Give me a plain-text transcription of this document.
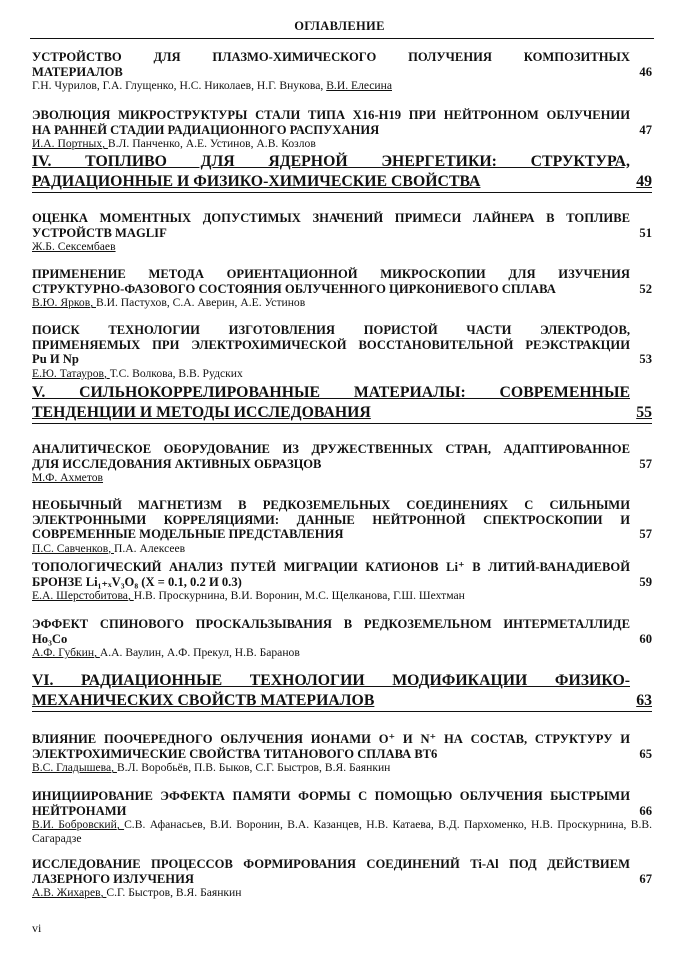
ОГЛАВЛЕНИЕ
УСТРОЙСТВО ДЛЯ ПЛАЗМО-ХИМИЧЕСКОГО ПОЛУЧЕНИЯ КОМПОЗИТНЫХ
МАТЕРИАЛОВ	46
Г.Н. Чурилов , Г.А. Глущенко , Н.С. Николаев , Н.Г. Внукова , В.И. Елесина
ЭВОЛЮЦИЯ МИКРОСТРУКТУРЫ СТАЛИ ТИПА Х16-Н19 ПРИ НЕЙТРОННОМ ОБЛУЧЕНИИ
НА РАННЕЙ СТАДИИ РАДИАЦИОННОГО РАСПУХАНИЯ	47
И.А. Портных , В.Л. Панченко , А.Е. Устинов , А.В. Козлов
IV. ТОПЛИВО ДЛЯ ЯДЕРНОЙ ЭНЕРГЕТИКИ: СТРУКТУРА,
РАДИАЦИОННЫЕ И ФИЗИКО-ХИМИЧЕСКИЕ СВОЙСТВА	49
ОЦЕНКА МОМЕНТНЫХ ДОПУСТИМЫХ ЗНАЧЕНИЙ ПРИМЕСИ ЛАЙНЕРА В ТОПЛИВЕ
УСТРОЙСТВ MAGLIF	51
Ж.Б. Сексембаев
ПРИМЕНЕНИЕ МЕТОДА ОРИЕНТАЦИОННОЙ МИКРОСКОПИИ ДЛЯ ИЗУЧЕНИЯ
СТРУКТУРНО-ФАЗОВОГО СОСТОЯНИЯ ОБЛУЧЕННОГО ЦИРКОНИЕВОГО СПЛАВА	52
В.Ю. Ярков , В.И. Пастухов , С.А. Аверин , А.Е. Устинов
ПОИСК ТЕХНОЛОГИИ ИЗГОТОВЛЕНИЯ ПОРИСТОЙ ЧАСТИ ЭЛЕКТРОДОВ,
ПРИМЕНЯЕМЫХ ПРИ ЭЛЕКТРОХИМИЧЕСКОЙ ВОССТАНОВИТЕЛЬНОЙ РЕЭКСТРАКЦИИ
Pu И Np	53
Е.Ю. Татауров , Т.С. Волкова , В.В. Рудских
V. СИЛЬНОКОРРЕЛИРОВАННЫЕ МАТЕРИАЛЫ: СОВРЕМЕННЫЕ
ТЕНДЕНЦИИ И МЕТОДЫ ИССЛЕДОВАНИЯ	55
АНАЛИТИЧЕСКОЕ ОБОРУДОВАНИЕ ИЗ ДРУЖЕСТВЕННЫХ СТРАН, АДАПТИРОВАННОЕ
ДЛЯ ИССЛЕДОВАНИЯ АКТИВНЫХ ОБРАЗЦОВ	57
М.Ф. Ахметов
НЕОБЫЧНЫЙ МАГНЕТИЗМ В РЕДКОЗЕМЕЛЬНЫХ СОЕДИНЕНИЯХ С СИЛЬНЫМИ
ЭЛЕКТРОННЫМИ КОРРЕЛЯЦИЯМИ: ДАННЫЕ НЕЙТРОННОЙ СПЕКТРОСКОПИИ И
СОВРЕМЕННЫЕ МОДЕЛЬНЫЕ ПРЕДСТАВЛЕНИЯ	57
П.С. Савченков , П.А. Алексеев
ТОПОЛОГИЧЕСКИЙ АНАЛИЗ ПУТЕЙ МИГРАЦИИ КАТИОНОВ Li⁺ В ЛИТИЙ-ВАНАДИЕВОЙ
БРОНЗЕ Li₁₊ₓV₃O₈ (X = 0.1, 0.2 И 0.3)	59
Е.А. Шерстобитова , Н.В. Проскурнина , В.И. Воронин , М.С. Щелканова , Г.Ш. Шехтман
ЭФФЕКТ СПИНОВОГО ПРОСКАЛЬЗЫВАНИЯ В РЕДКОЗЕМЕЛЬНОМ ИНТЕРМЕТАЛЛИДЕ
Ho₃Co	60
А.Ф. Губкин , А.А. Ваулин , А.Ф. Прекул , Н.В. Баранов
VI. РАДИАЦИОННЫЕ ТЕХНОЛОГИИ МОДИФИКАЦИИ ФИЗИКО-
МЕХАНИЧЕСКИХ СВОЙСТВ МАТЕРИАЛОВ	63
ВЛИЯНИЕ ПООЧЕРЕДНОГО ОБЛУЧЕНИЯ ИОНАМИ O⁺ И N⁺ НА СОСТАВ, СТРУКТУРУ И
ЭЛЕКТРОХИМИЧЕСКИЕ СВОЙСТВА ТИТАНОВОГО СПЛАВА ВТ6	65
В.С. Гладышева , В.Л. Воробьёв , П.В. Быков , С.Г. Быстров , В.Я. Баянкин
ИНИЦИИРОВАНИЕ ЭФФЕКТА ПАМЯТИ ФОРМЫ С ПОМОЩЬЮ ОБЛУЧЕНИЯ БЫСТРЫМИ
НЕЙТРОНАМИ	66
В.И. Бобровский , С.В. Афанасьев , В.И. Воронин , В.А. Казанцев , Н.В. Катаева , В.Д. Пархоменко , Н.В. Проскурнина , В.В. Сагарадзе
ИССЛЕДОВАНИЕ ПРОЦЕССОВ ФОРМИРОВАНИЯ СОЕДИНЕНИЙ Ti-Al ПОД ДЕЙСТВИЕМ
ЛАЗЕРНОГО ИЗЛУЧЕНИЯ	67
А.В. Жихарев , С.Г. Быстров , В.Я. Баянкин
vi
